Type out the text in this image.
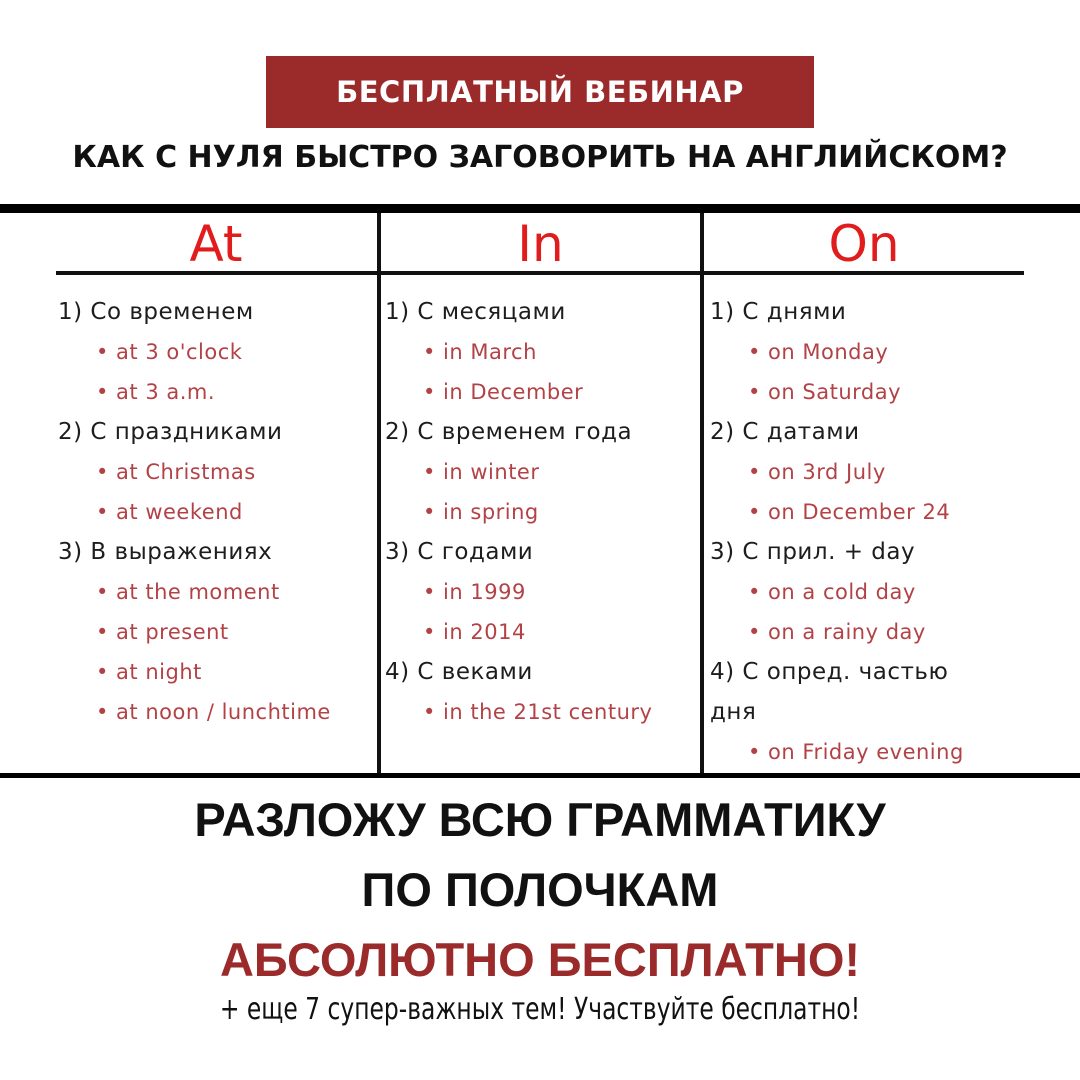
БЕСПЛАТНЫЙ ВЕБИНАР
КАК С НУЛЯ БЫСТРО ЗАГОВОРИТЬ НА АНГЛИЙСКОМ?
At	In	On
1) Со временем
• at 3 o'clock
• at 3 a.m.
2) С праздниками
• at Christmas
• at weekend
3) В выражениях
• at the moment
• at present
• at night
• at noon / lunchtime
1) С месяцами
• in March
• in December
2) С временем года
• in winter
• in spring
3) С годами
• in 1999
• in 2014
4) С веками
• in the 21st century
1) С днями
• on Monday
• on Saturday
2) С датами
• on 3rd July
• on December 24
3) С прил. + day
• on a cold day
• on a rainy day
4) С опред. частью
дня
• on Friday evening
РАЗЛОЖУ ВСЮ ГРАММАТИКУ
ПО ПОЛОЧКАМ
АБСОЛЮТНО БЕСПЛАТНО!
+ еще 7 супер-важных тем! Участвуйте бесплатно!
